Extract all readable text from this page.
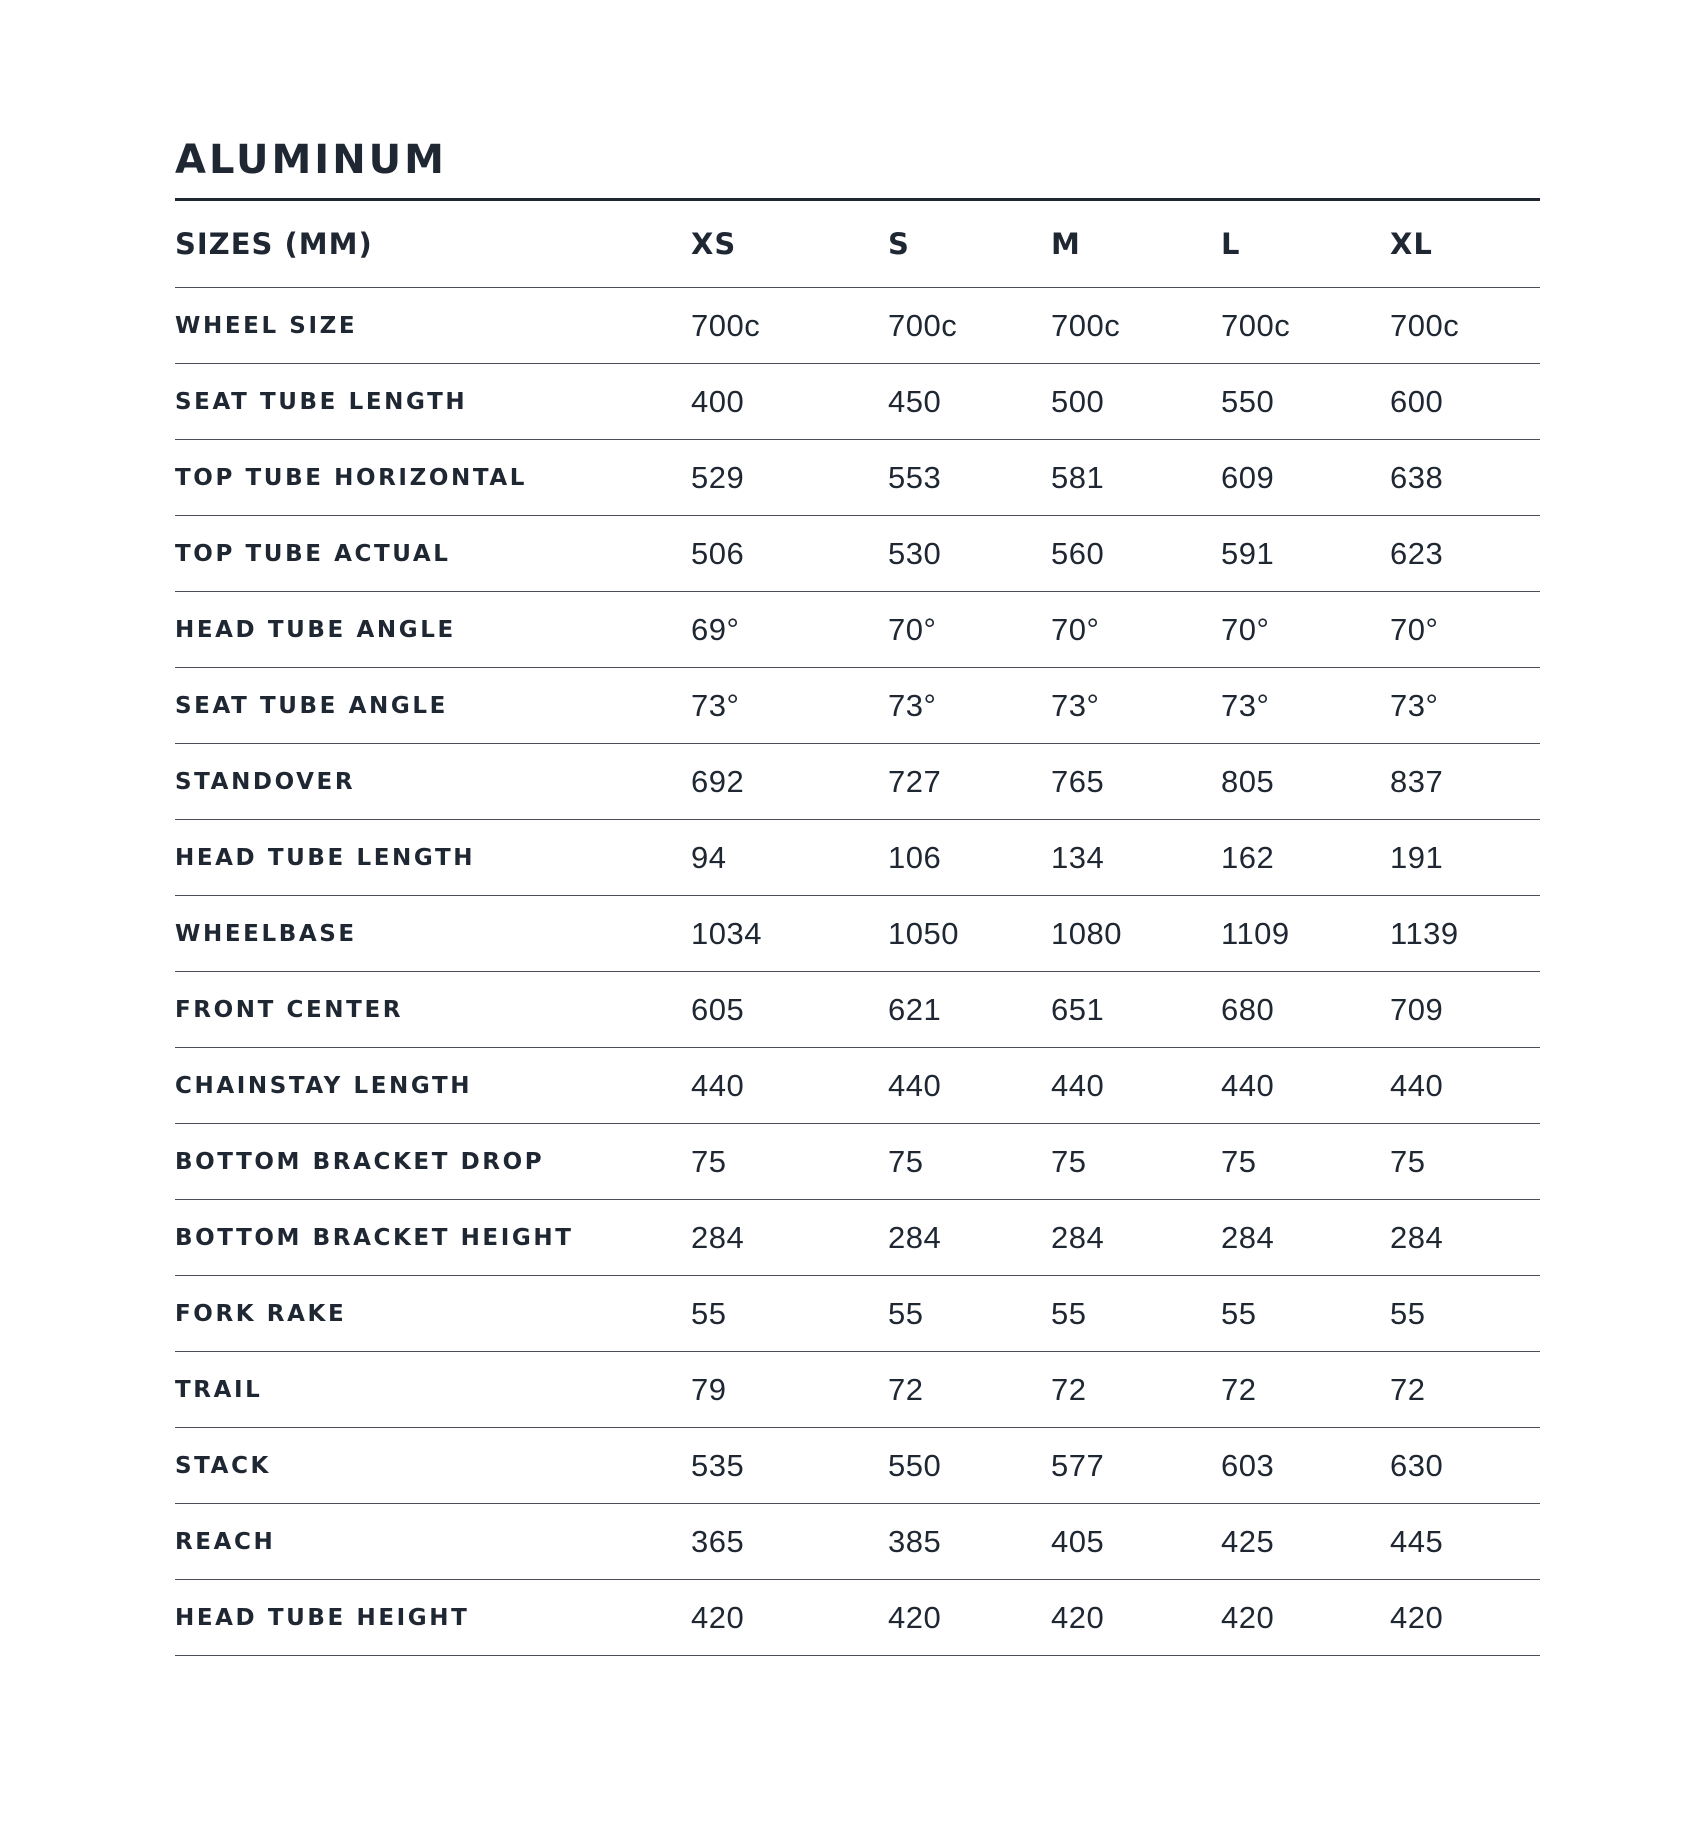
ALUMINUM
SIZES (MM)	XS	S	M	L	XL
WHEEL SIZE	700c	700c	700c	700c	700c
SEAT TUBE LENGTH	400	450	500	550	600
TOP TUBE HORIZONTAL	529	553	581	609	638
TOP TUBE ACTUAL	506	530	560	591	623
HEAD TUBE ANGLE	69°	70°	70°	70°	70°
SEAT TUBE ANGLE	73°	73°	73°	73°	73°
STANDOVER	692	727	765	805	837
HEAD TUBE LENGTH	94	106	134	162	191
WHEELBASE	1034	1050	1080	1109	1139
FRONT CENTER	605	621	651	680	709
CHAINSTAY LENGTH	440	440	440	440	440
BOTTOM BRACKET DROP	75	75	75	75	75
BOTTOM BRACKET HEIGHT	284	284	284	284	284
FORK RAKE	55	55	55	55	55
TRAIL	79	72	72	72	72
STACK	535	550	577	603	630
REACH	365	385	405	425	445
HEAD TUBE HEIGHT	420	420	420	420	420
